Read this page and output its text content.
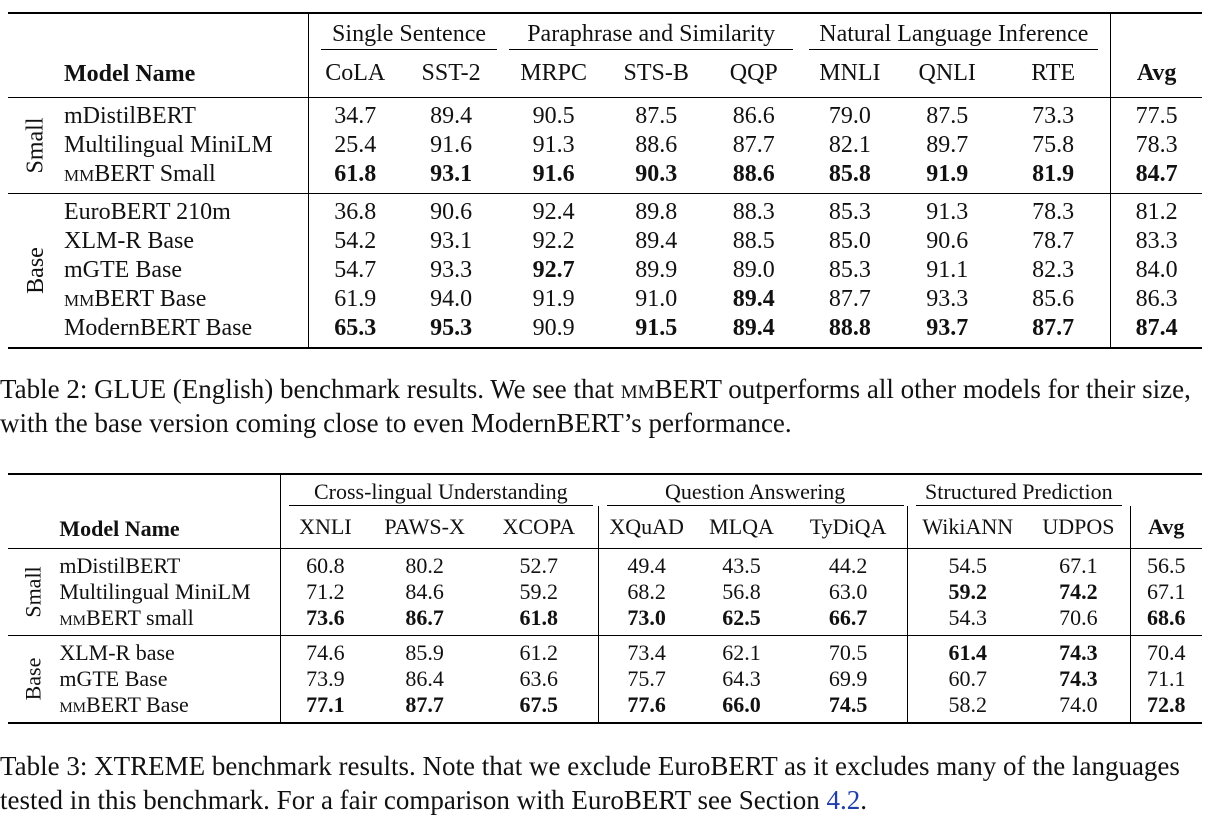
		Single Sentence		Paraphrase and Similarity			Natural Language Inference			

	Model Name	CoLA	SST-2	MRPC	STS-B	QQP	MNLI	QNLI	RTE	Avg
Small	mDistilBERT	34.7	89.4	90.5	87.5	86.6	79.0	87.5	73.3	77.5
	Multilingual MiniLM	25.4	91.6	91.3	88.6	87.7	82.1	89.7	75.8	78.3
	mmBERT Small	61.8	93.1	91.6	90.3	88.6	85.8	91.9	81.9	84.7
Base	EuroBERT 210m	36.8	90.6	92.4	89.8	88.3	85.3	91.3	78.3	81.2
	XLM-R Base	54.2	93.1	92.2	89.4	88.5	85.0	90.6	78.7	83.3
	mGTE Base	54.7	93.3	92.7	89.9	89.0	85.3	91.1	82.3	84.0
	mmBERT Base	61.9	94.0	91.9	91.0	89.4	87.7	93.3	85.6	86.3
	ModernBERT Base	65.3	95.3	90.9	91.5	89.4	88.8	93.7	87.7	87.4
Table 2: GLUE (English) benchmark results. We see that mmBERT outperforms all other models for their size, with the base version coming close to even ModernBERT’s performance.

		Cross-lingual Understanding			Question Answering			Structured Prediction		

	Model Name	XNLI	PAWS-X	XCOPA	XQuAD	MLQA	TyDiQA	WikiANN	UDPOS	Avg
Small	mDistilBERT	60.8	80.2	52.7	49.4	43.5	44.2	54.5	67.1	56.5
	Multilingual MiniLM	71.2	84.6	59.2	68.2	56.8	63.0	59.2	74.2	67.1
	mmBERT small	73.6	86.7	61.8	73.0	62.5	66.7	54.3	70.6	68.6
Base	XLM-R base	74.6	85.9	61.2	73.4	62.1	70.5	61.4	74.3	70.4
	mGTE Base	73.9	86.4	63.6	75.7	64.3	69.9	60.7	74.3	71.1
	mmBERT Base	77.1	87.7	67.5	77.6	66.0	74.5	58.2	74.0	72.8
Table 3: XTREME benchmark results. Note that we exclude EuroBERT as it excludes many of the languages tested in this benchmark. For a fair comparison with EuroBERT see Section 4.2.
